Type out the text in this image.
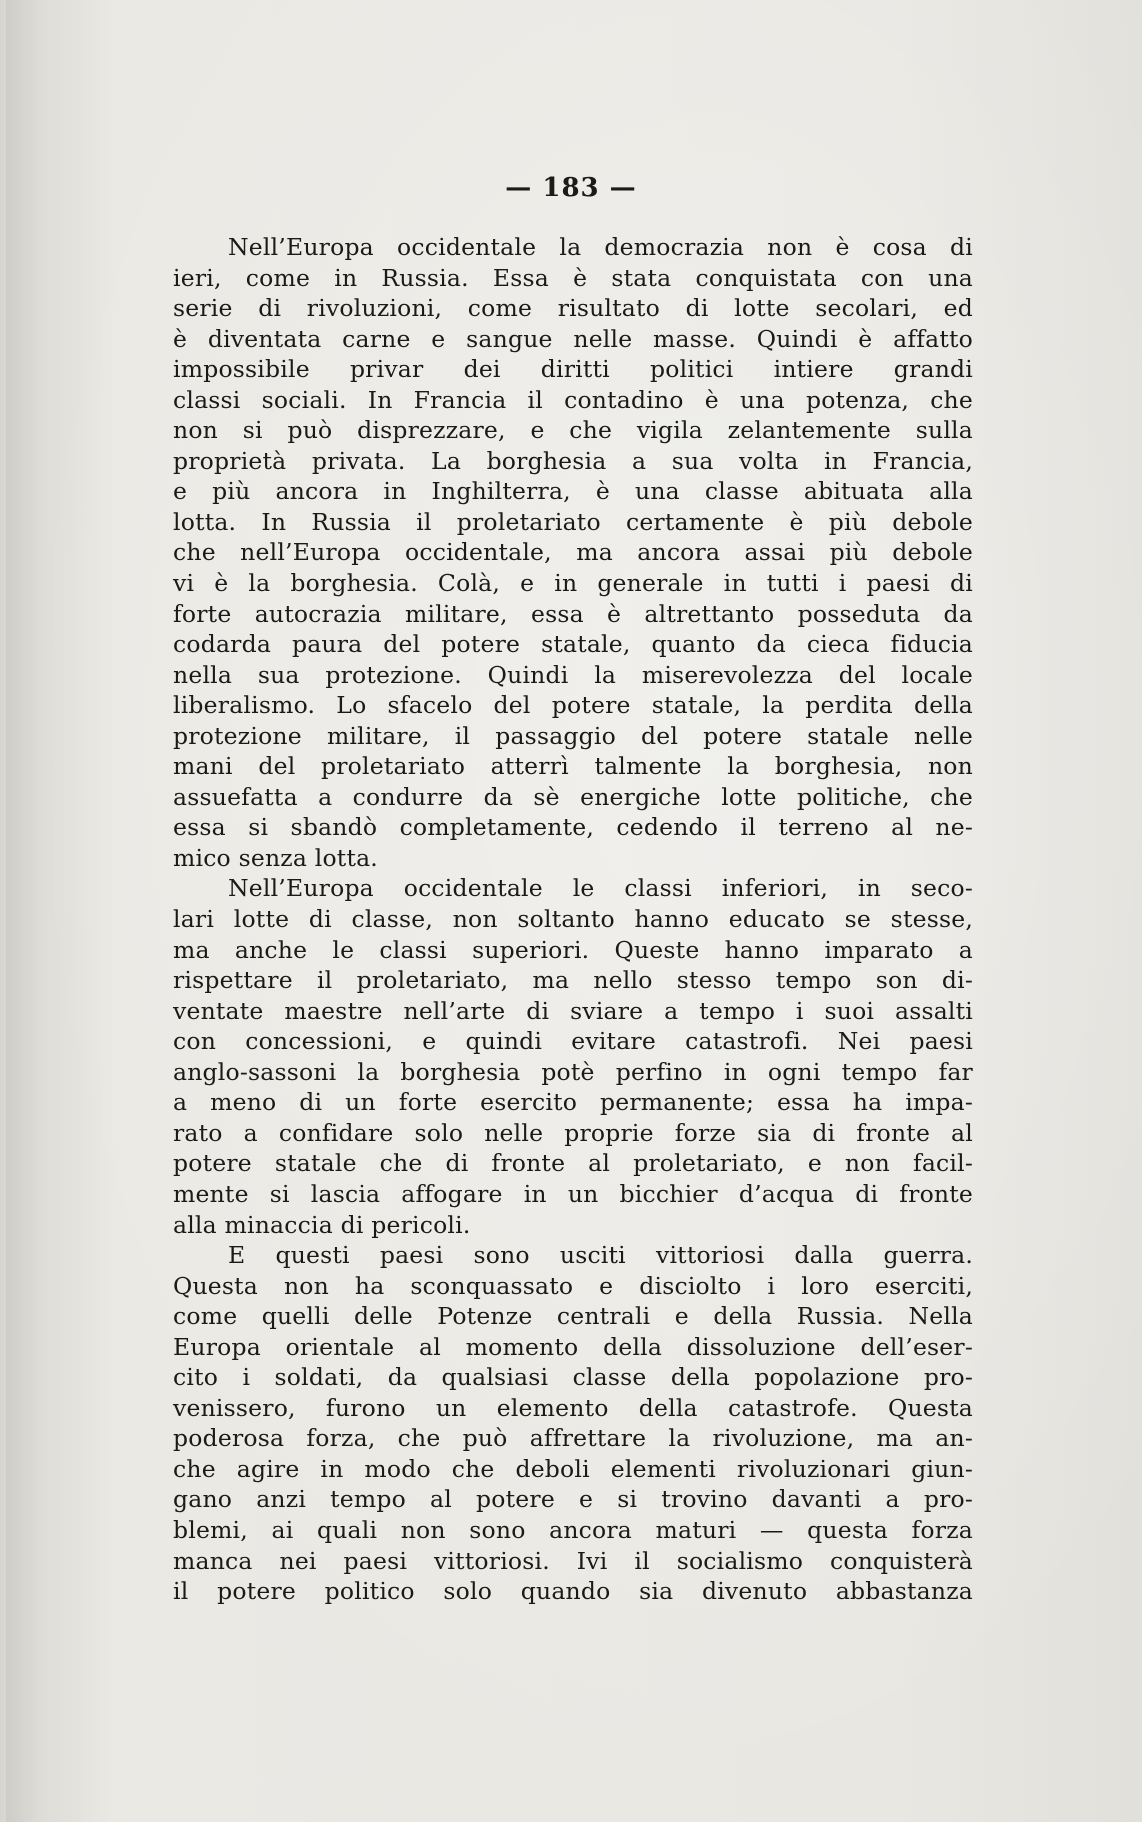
— 183 —
Nell’Europa occidentale la democrazia non è cosa di
ieri, come in Russia. Essa è stata conquistata con una
serie di rivoluzioni, come risultato di lotte secolari, ed
è diventata carne e sangue nelle masse. Quindi è affatto
impossibile privar dei diritti politici intiere grandi
classi sociali. In Francia il contadino è una potenza, che
non si può disprezzare, e che vigila zelantemente sulla
proprietà privata. La borghesia a sua volta in Francia,
e più ancora in Inghilterra, è una classe abituata alla
lotta. In Russia il proletariato certamente è più debole
che nell’Europa occidentale, ma ancora assai più debole
vi è la borghesia. Colà, e in generale in tutti i paesi di
forte autocrazia militare, essa è altrettanto posseduta da
codarda paura del potere statale, quanto da cieca fiducia
nella sua protezione. Quindi la miserevolezza del locale
liberalismo. Lo sfacelo del potere statale, la perdita della
protezione militare, il passaggio del potere statale nelle
mani del proletariato atterrì talmente la borghesia, non
assuefatta a condurre da sè energiche lotte politiche, che
essa si sbandò completamente, cedendo il terreno al ne-
mico senza lotta.
Nell’Europa occidentale le classi inferiori, in seco-
lari lotte di classe, non soltanto hanno educato se stesse,
ma anche le classi superiori. Queste hanno imparato a
rispettare il proletariato, ma nello stesso tempo son di-
ventate maestre nell’arte di sviare a tempo i suoi assalti
con concessioni, e quindi evitare catastrofi. Nei paesi
anglo-sassoni la borghesia potè perfino in ogni tempo far
a meno di un forte esercito permanente; essa ha impa-
rato a confidare solo nelle proprie forze sia di fronte al
potere statale che di fronte al proletariato, e non facil-
mente si lascia affogare in un bicchier d’acqua di fronte
alla minaccia di pericoli.
E questi paesi sono usciti vittoriosi dalla guerra.
Questa non ha sconquassato e disciolto i loro eserciti,
come quelli delle Potenze centrali e della Russia. Nella
Europa orientale al momento della dissoluzione dell’eser-
cito i soldati, da qualsiasi classe della popolazione pro-
venissero, furono un elemento della catastrofe. Questa
poderosa forza, che può affrettare la rivoluzione, ma an-
che agire in modo che deboli elementi rivoluzionari giun-
gano anzi tempo al potere e si trovino davanti a pro-
blemi, ai quali non sono ancora maturi — questa forza
manca nei paesi vittoriosi. Ivi il socialismo conquisterà
il potere politico solo quando sia divenuto abbastanza
